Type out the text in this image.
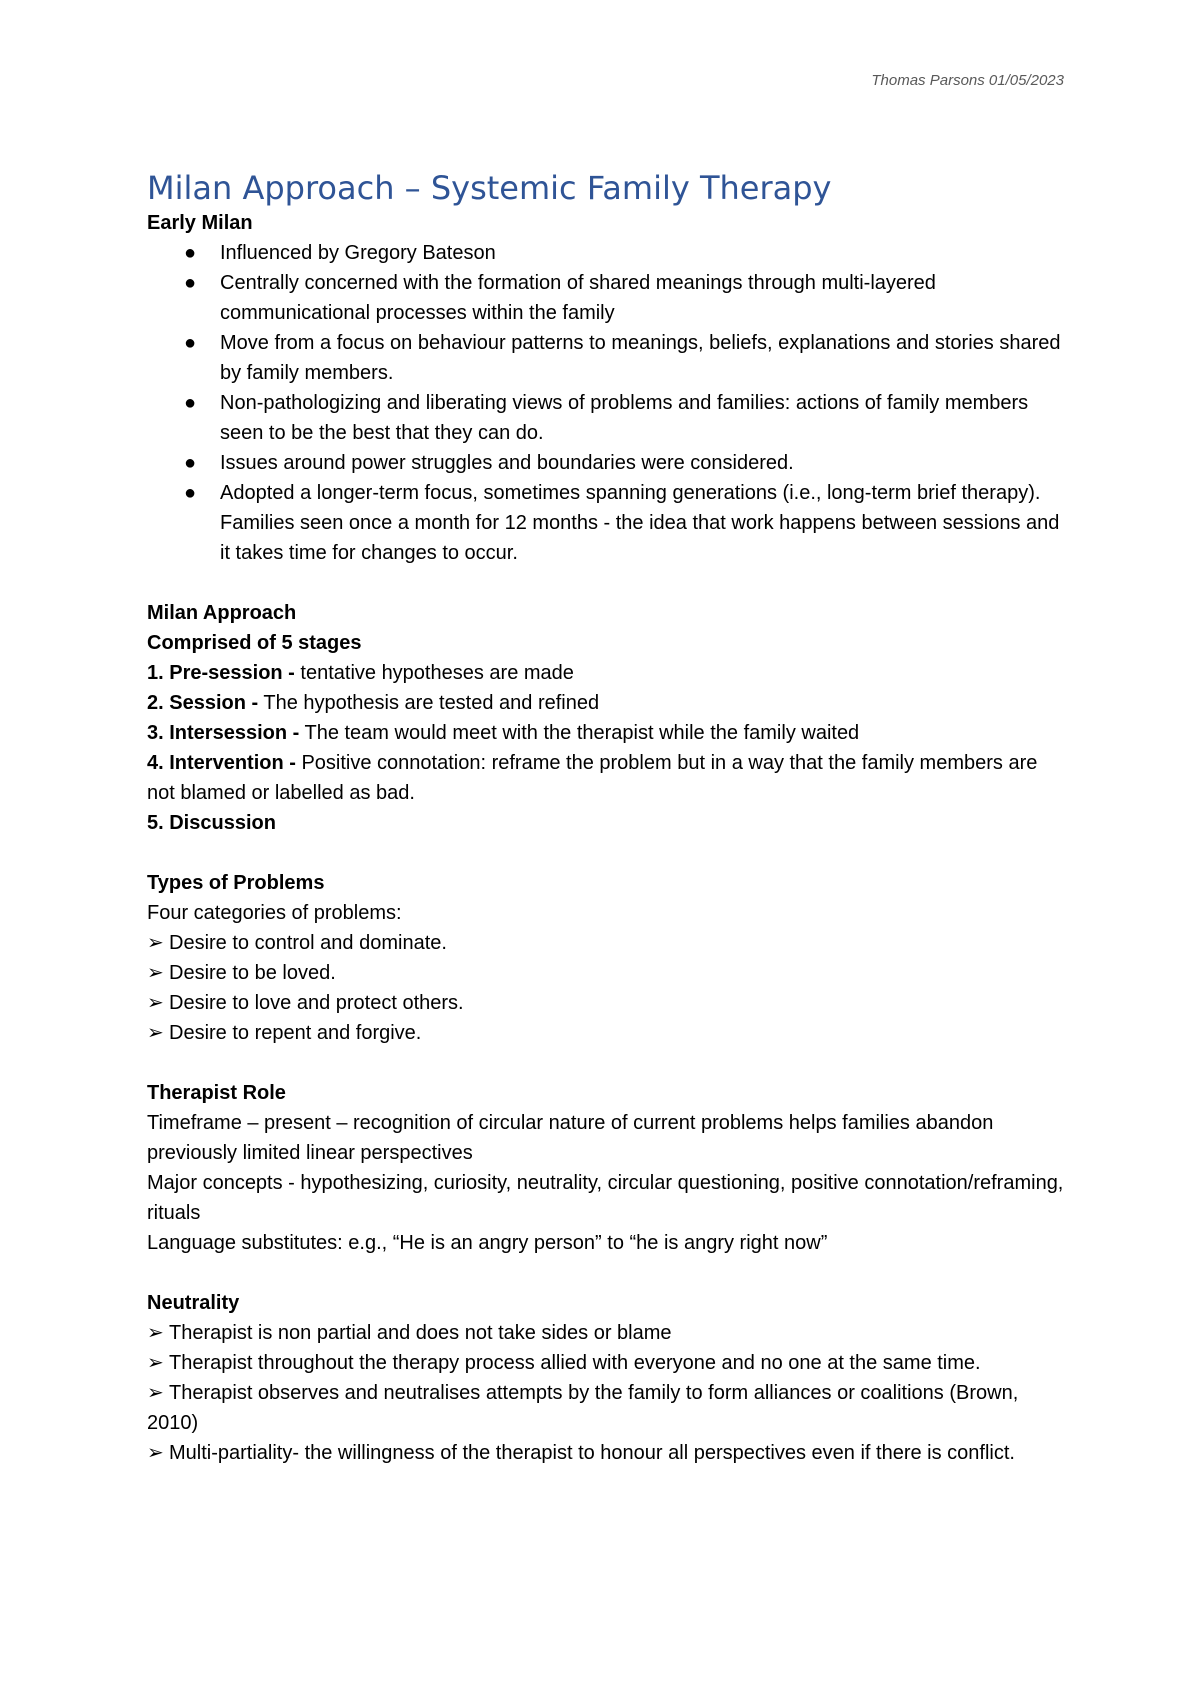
Thomas Parsons 01/05/2023
Milan Approach – Systemic Family Therapy

Early Milan

● Influenced by Gregory Bateson
● Centrally concerned with the formation of shared meanings through multi-layered communicational processes within the family
● Move from a focus on behaviour patterns to meanings, beliefs, explanations and stories shared by family members.
● Non-pathologizing and liberating views of problems and families: actions of family members seen to be the best that they can do.
● Issues around power struggles and boundaries were considered.
● Adopted a longer-term focus, sometimes spanning generations (i.e., long-term brief therapy). Families seen once a month for 12 months - the idea that work happens between sessions and it takes time for changes to occur.

Milan Approach

Comprised of 5 stages

1. Pre-session - tentative hypotheses are made

2. Session - The hypothesis are tested and refined

3. Intersession - The team would meet with the therapist while the family waited

4. Intervention - Positive connotation: reframe the problem but in a way that the family members are not blamed or labelled as bad.

5. Discussion

Types of Problems

Four categories of problems:

➢ Desire to control and dominate.

➢ Desire to be loved.

➢ Desire to love and protect others.

➢ Desire to repent and forgive.

Therapist Role

Timeframe – present – recognition of circular nature of current problems helps families abandon previously limited linear perspectives

Major concepts - hypothesizing, curiosity, neutrality, circular questioning, positive connotation/reframing, rituals

Language substitutes: e.g., “He is an angry person” to “he is angry right now”

Neutrality

➢ Therapist is non partial and does not take sides or blame

➢ Therapist throughout the therapy process allied with everyone and no one at the same time.

➢ Therapist observes and neutralises attempts by the family to form alliances or coalitions (Brown, 2010)

➢ Multi-partiality- the willingness of the therapist to honour all perspectives even if there is conflict.
